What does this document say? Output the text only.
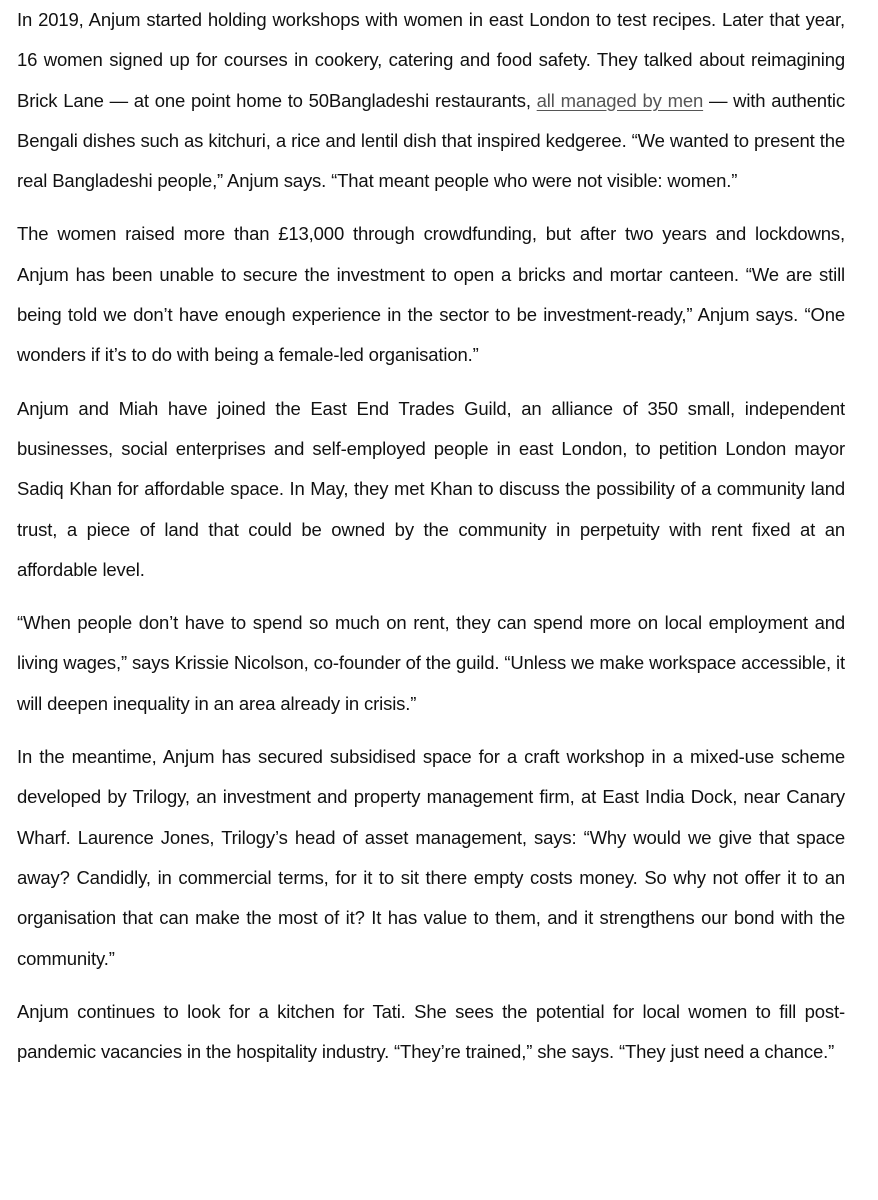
In 2019, Anjum started holding workshops with women in east London to test recipes. Later that year, 16 women signed up for courses in cookery, catering and food safety. They talked about reimagining Brick Lane — at one point home to 50Bangladeshi restaurants, all managed by men — with authentic Bengali dishes such as kitchuri, a rice and lentil dish that inspired kedgeree. “We wanted to present the real Bangladeshi people,” Anjum says. “That meant people who were not visible: women.”

The women raised more than £13,000 through crowdfunding, but after two years and lockdowns, Anjum has been unable to secure the investment to open a bricks and mortar canteen. “We are still being told we don’t have enough experience in the sector to be investment-ready,” Anjum says. “One wonders if it’s to do with being a female-led organisation.”

Anjum and Miah have joined the East End Trades Guild, an alliance of 350 small, independent businesses, social enterprises and self-employed people in east London, to petition London mayor Sadiq Khan for affordable space. In May, they met Khan to discuss the possibility of a community land trust, a piece of land that could be owned by the community in perpetuity with rent fixed at an affordable level.

“When people don’t have to spend so much on rent, they can spend more on local employment and living wages,” says Krissie Nicolson, co-founder of the guild. “Unless we make workspace accessible, it will deepen inequality in an area already in crisis.”

In the meantime, Anjum has secured subsidised space for a craft workshop in a mixed-use scheme developed by Trilogy, an investment and property management firm, at East India Dock, near Canary Wharf. Laurence Jones, Trilogy’s head of asset management, says: “Why would we give that space away? Candidly, in commercial terms, for it to sit there empty costs money. So why not offer it to an organisation that can make the most of it? It has value to them, and it strengthens our bond with the community.”

Anjum continues to look for a kitchen for Tati. She sees the potential for local women to fill post-pandemic vacancies in the hospitality industry. “They’re trained,” she says. “They just need a chance.”
